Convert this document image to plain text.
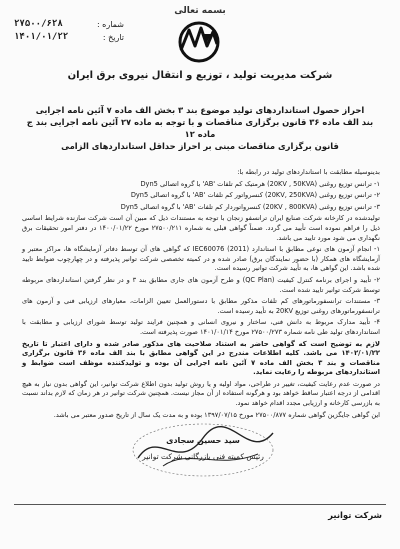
بسمه تعالی
شماره :
۲۷۵۰۰/۶۲۸
تاریخ :
۱۴۰۱/۰۱/۲۲
شرکت مدیریت تولید ، توزیع و انتقال نیروی برق ایران
احراز حصول استانداردهای تولید موضوع بند ۳ بخش الف ماده ۷ آئین نامه اجرایی
بند الف ماده ۳۶ قانون برگزاری مناقصات و با توجه به ماده ۲۷ آئین نامه اجرایی بند ج ماده ۱۲
قانون برگزاری مناقصات مبنی بر احراز حداقل استانداردهای الزامی

بدینوسیله مطابقت با استانداردهای تولید در رابطه با:

۱- ترانس توزیع روغنی (20KV , 50KVA) هرمتیک کم تلفات 'AB' با گروه اتصالی Dyn5

۲- ترانس توزیع روغنی (20KV, 250KVA) کنسرواتور کم تلفات 'AB' با گروه اتصالی Dyn5

۳- ترانس توزیع روغنی (20KV , 800KVA) کنسرواتوردار کم تلفات 'AB' با گروه اتصالی Dyn5

تولیدشده در کارخانه شرکت صنایع ایران ترانسفو زنجان با توجه به مستندات ذیل که مبین آن است شرکت سازنده شرایط اساسی ذیل را فراهم نموده است تأیید می گردد. ضمناً گواهی قبلی به شماره ۲۷۵۰۰/۲۱۱ مورخ ۱۴۰۰/۰۱/۲۲ در دفتر امور تحقیقات برق نگهداری می شود مورد تایید می باشد.

۱- انجام آزمون های نوعی مطابق با استاندارد (IEC60076 (2011 که گواهی های آن توسط دفاتر آزمایشگاه ها، مراکز معتبر و آزمایشگاه های همکار (با حضور نمایندگان برق) صادر شده و در کمیته تخصصی شرکت توانیر پذیرفته و در چهارچوب ضوابط تایید شده باشد. این گواهی ها، به تأیید شرکت توانیر رسیده است.

۲- تأیید و اجرای برنامه کنترل کیفیت (QC Plan) و طرح آزمون های جاری مطابق بند ۳ و در نظر گرفتن استانداردهای مربوطه توسط شرکت توانیر تایید شده است.

۳- مستندات ترانسفورماتورهای کم تلفات مذکور مطابق با دستورالعمل تعیین الزامات، معیارهای ارزیابی فنی و آزمون های ترانسفورماتورهای روغنی توزیع 20KV به تأیید رسیده است.

۴- تأیید مدارک مربوط به دانش فنی، ساختار و نیروی انسانی و همچنین فرایند تولید توسط شورای ارزیابی و مطابقت با استانداردهای تولید طی نامه شماره ۲۷۵۰۰/۲۷۳ مورخ ۱۴۰۱/۰۱/۱۴ صورت پذیرفته است.

لازم به توضیح است که گواهی حاضر به استناد صلاحیت های مذکور صادر شده و دارای اعتبار تا تاریخ ۱۴۰۲/۰۱/۲۲ می باشد. کلیه اطلاعات مندرج در این گواهی مطابق با بند الف ماده ۳۶ قانون برگزاری مناقصات و بند ۳ بخش الف ماده ۷ آئین نامه اجرایی آن بوده و تولیدکننده موظف است ضوابط و استانداردهای مربوطه را رعایت نماید.

در صورت عدم رعایت کیفیت، تغییر در طراحی، مواد اولیه و یا روش تولید بدون اطلاع شرکت توانیر، این گواهی بدون نیاز به هیچ اقدامی از درجه اعتبار ساقط خواهد بود و هرگونه استفاده از آن مجاز نیست. همچنین شرکت توانیر در هر زمان که لازم بداند نسبت به بازرسی کارخانه و ارزیابی مجدد اقدام خواهد نمود.

این گواهی جایگزین گواهی شماره ۲۷۵۰۰/۸۷۷ مورخ ۱۳۹۷/۰۷/۱۵ بوده و به مدت یک سال از تاریخ صدور معتبر می باشد.

سید حسین سجادی
رئیس کمیته فنی بازرگانی شرکت توانیر
شرکت توانیر
